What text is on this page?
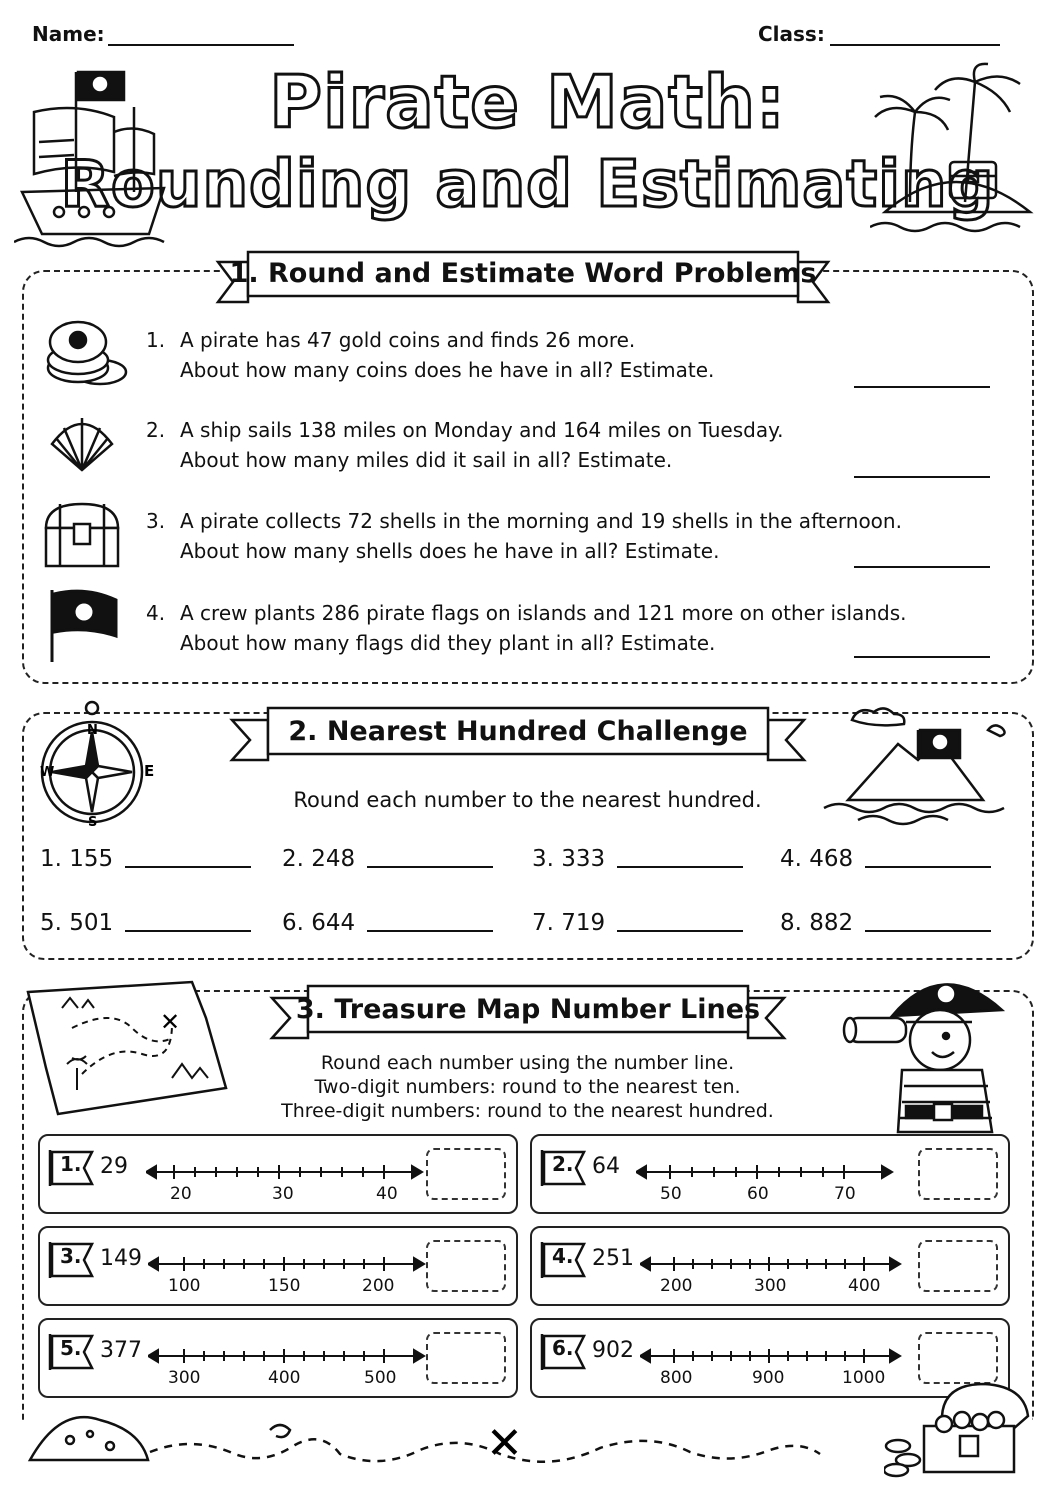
Name:	Class:
Pirate Math:
Rounding and Estimating
1. Round and Estimate Word Problems
1. A pirate has 47 gold coins and finds 26 more.
About how many coins does he have in all? Estimate.
2. A ship sails 138 miles on Monday and 164 miles on Tuesday.
About how many miles did it sail in all? Estimate.
3. A pirate collects 72 shells in the morning and 19 shells in the afternoon.
About how many shells does he have in all? Estimate.
4. A crew plants 286 pirate flags on islands and 121 more on other islands.
About how many flags did they plant in all? Estimate.
2. Nearest Hundred Challenge
N
E
S
W
Round each number to the nearest hundred.
1. 155	2. 248	3. 333	4. 468
5. 501	6. 644	7. 719	8. 882
3. Treasure Map Number Lines
✕
Round each number using the number line.
Two-digit numbers: round to the nearest ten.
Three-digit numbers: round to the nearest hundred.
1. 29
20	30	40
2. 64
50	60	70
3. 149
100	150	200
4. 251
200	300	400
5. 377
300	400	500
6. 902
800	900	1000
✕
